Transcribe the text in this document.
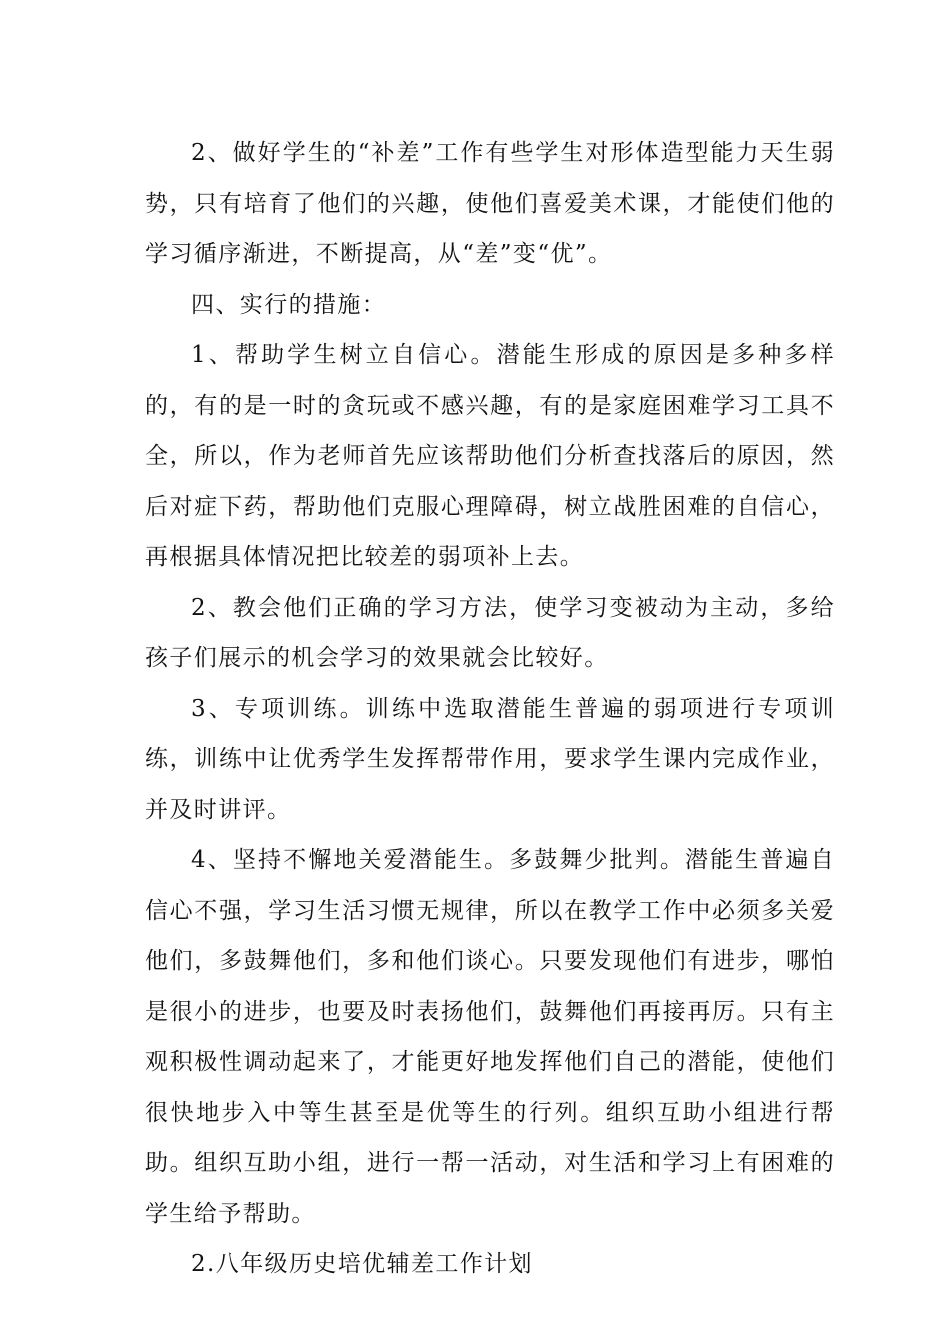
2、做好学生的“补差”工作有些学生对形体造型能力天生弱势，只有培育了他们的兴趣，使他们喜爱美术课，才能使们他的学习循序渐进，不断提高，从“差”变“优”。

四、实行的措施：

1、帮助学生树立自信心。潜能生形成的原因是多种多样的，有的是一时的贪玩或不感兴趣，有的是家庭困难学习工具不全，所以，作为老师首先应该帮助他们分析查找落后的原因，然后对症下药，帮助他们克服心理障碍，树立战胜困难的自信心，再根据具体情况把比较差的弱项补上去。

2、教会他们正确的学习方法，使学习变被动为主动，多给孩子们展示的机会学习的效果就会比较好。

3、专项训练。训练中选取潜能生普遍的弱项进行专项训练，训练中让优秀学生发挥帮带作用，要求学生课内完成作业，并及时讲评。

4、坚持不懈地关爱潜能生。多鼓舞少批判。潜能生普遍自信心不强，学习生活习惯无规律，所以在教学工作中必须多关爱他们，多鼓舞他们，多和他们谈心。只要发现他们有进步，哪怕是很小的进步，也要及时表扬他们，鼓舞他们再接再厉。只有主观积极性调动起来了，才能更好地发挥他们自己的潜能，使他们很快地步入中等生甚至是优等生的行列。组织互助小组进行帮助。组织互助小组，进行一帮一活动，对生活和学习上有困难的学生给予帮助。

2.八年级历史培优辅差工作计划
